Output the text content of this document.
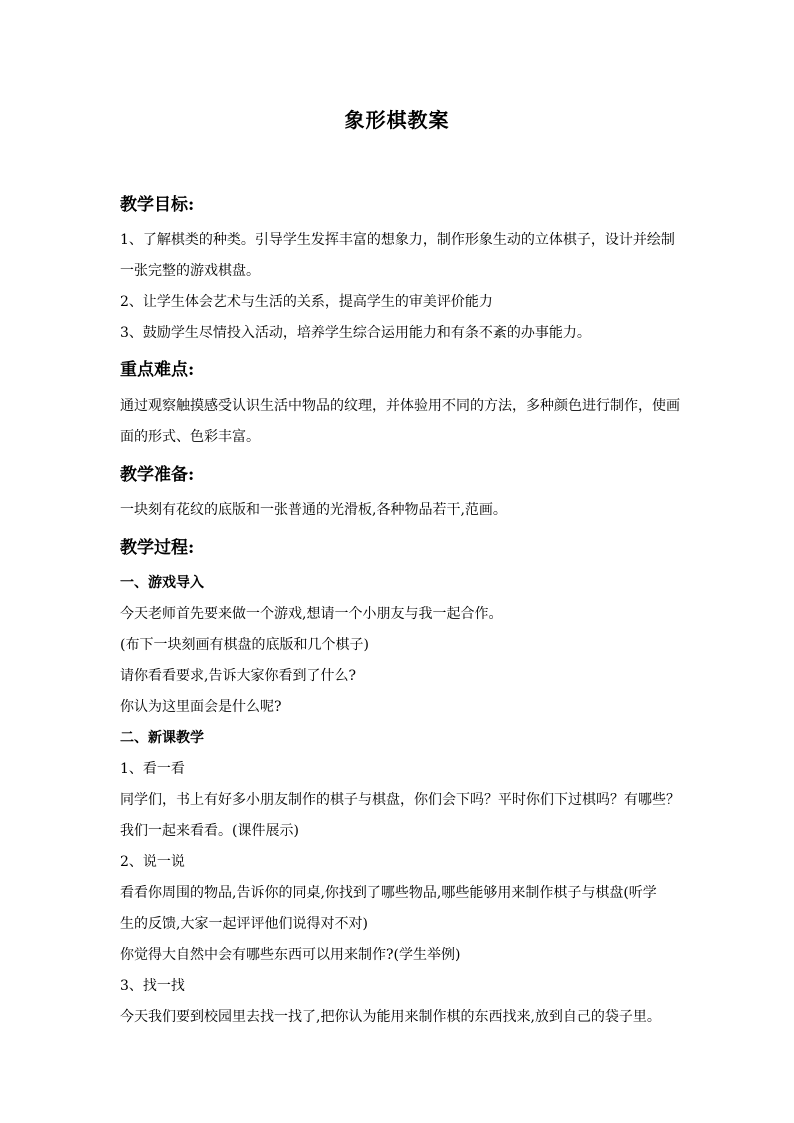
象形棋教案
教学目标:
1、了解棋类的种类。引导学生发挥丰富的想象力，制作形象生动的立体棋子，设计并绘制
一张完整的游戏棋盘。
2、让学生体会艺术与生活的关系，提高学生的审美评价能力
3、鼓励学生尽情投入活动，培养学生综合运用能力和有条不紊的办事能力。
重点难点:
通过观察触摸感受认识生活中物品的纹理，并体验用不同的方法，多种颜色进行制作，使画
面的形式、色彩丰富。
教学准备:
一块刻有花纹的底版和一张普通的光滑板,各种物品若干,范画。
教学过程:
一、游戏导入
今天老师首先要来做一个游戏,想请一个小朋友与我一起合作。
(布下一块刻画有棋盘的底版和几个棋子)
请你看看要求,告诉大家你看到了什么?
你认为这里面会是什么呢?
二、新课教学
1、看一看
同学们，书上有好多小朋友制作的棋子与棋盘，你们会下吗？平时你们下过棋吗？有哪些？
我们一起来看看。(课件展示)
2、说一说
看看你周围的物品,告诉你的同桌,你找到了哪些物品,哪些能够用来制作棋子与棋盘(听学
生的反馈,大家一起评评他们说得对不对)
你觉得大自然中会有哪些东西可以用来制作?(学生举例)
3、找一找
今天我们要到校园里去找一找了,把你认为能用来制作棋的东西找来,放到自己的袋子里。
